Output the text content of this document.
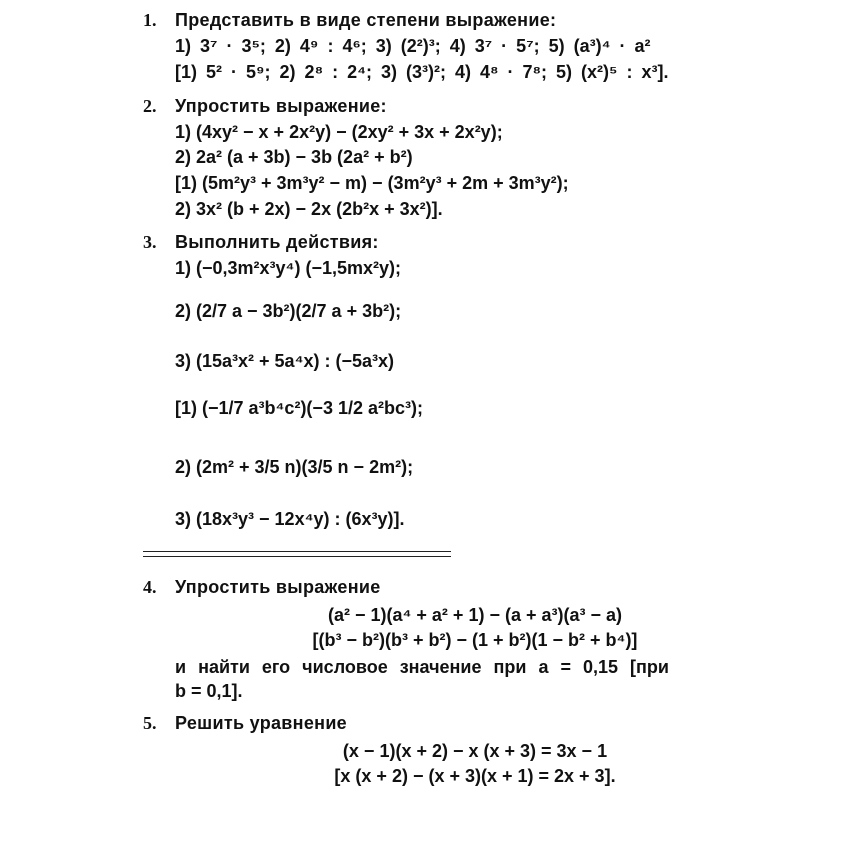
1. Представить в виде степени выражение:
1) 3⁷ · 3⁵; 2) 4⁹ : 4⁶; 3) (2²)³; 4) 3⁷ · 5⁷; 5) (a³)⁴ · a²
[1) 5² · 5⁹; 2) 2⁸ : 2⁴; 3) (3³)²; 4) 4⁸ · 7⁸; 5) (x²)⁵ : x³].
2. Упростить выражение:
1) (4xy² − x + 2x²y) − (2xy² + 3x + 2x²y);
2) 2a² (a + 3b) − 3b (2a² + b²)
[1) (5m²y³ + 3m³y² − m) − (3m²y³ + 2m + 3m³y²);
2) 3x² (b + 2x) − 2x (2b²x + 3x²)].
3. Выполнить действия:
1) (−0,3m²x³y⁴) (−1,5mx²y);
2) (2/7 a − 3b²)(2/7 a + 3b²);
3) (15a³x² + 5a⁴x) : (−5a³x)
[1) (−1/7 a³b⁴c²)(−3 1/2 a²bc³);
2) (2m² + 3/5 n)(3/5 n − 2m²);
3) (18x³y³ − 12x⁴y) : (6x³y)].
4. Упростить выражение
(a² − 1)(a⁴ + a² + 1) − (a + a³)(a³ − a)
[(b³ − b²)(b³ + b²) − (1 + b²)(1 − b² + b⁴)]
и найти его числовое значение при a = 0,15 [при
b = 0,1].
5. Решить уравнение
(x − 1)(x + 2) − x (x + 3) = 3x − 1
[x (x + 2) − (x + 3)(x + 1) = 2x + 3].
